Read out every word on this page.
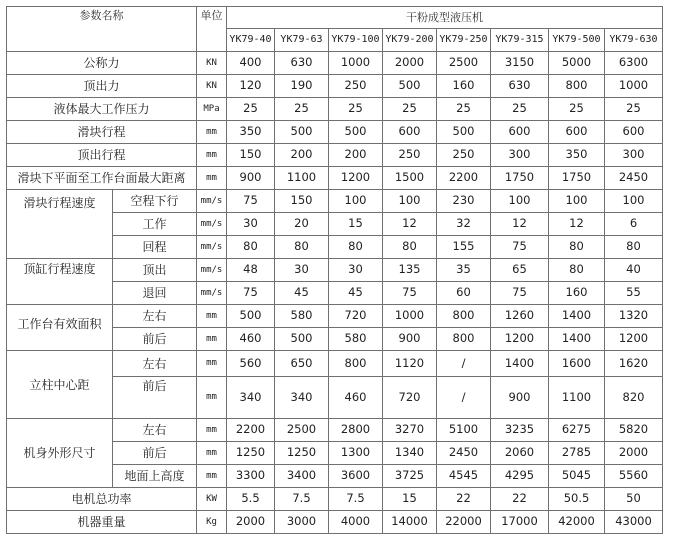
参数名称		单位	干粉成型液压机							
			YK79-40	YK79-63	YK79-100	YK79-200	YK79-250	YK79-315	YK79-500	YK79-630
公称力		KN	400	630	1000	2000	2500	3150	5000	6300
顶出力		KN	120	190	250	500	160	630	800	1000
液体最大工作压力		MPa	25	25	25	25	25	25	25	25
滑块行程		mm	350	500	500	600	500	600	600	600
顶出行程		mm	150	200	200	250	250	300	350	300
滑块下平面至工作台面最大距离		mm	900	1100	1200	1500	2200	1750	1750	2450
滑块行程速度	空程下行	mm/s	75	150	100	100	230	100	100	100
	工作	mm/s	30	20	15	12	32	12	12	6
	回程	mm/s	80	80	80	80	155	75	80	80
顶缸行程速度	顶出	mm/s	48	30	30	135	35	65	80	40
	退回	mm/s	75	45	45	75	60	75	160	55
工作台有效面积	左右	mm	500	580	720	1000	800	1260	1400	1320
	前后	mm	460	500	580	900	800	1200	1400	1200
立柱中心距	左右	mm	560	650	800	1120	/	1400	1600	1620
	前后	mm	340	340	460	720	/	900	1100	820
机身外形尺寸	左右	mm	2200	2500	2800	3270	5100	3235	6275	5820
	前后	mm	1250	1250	1300	1340	2450	2060	2785	2000
	地面上高度	mm	3300	3400	3600	3725	4545	4295	5045	5560
电机总功率		KW	5.5	7.5	7.5	15	22	22	50.5	50
机器重量		Kg	2000	3000	4000	14000	22000	17000	42000	43000
